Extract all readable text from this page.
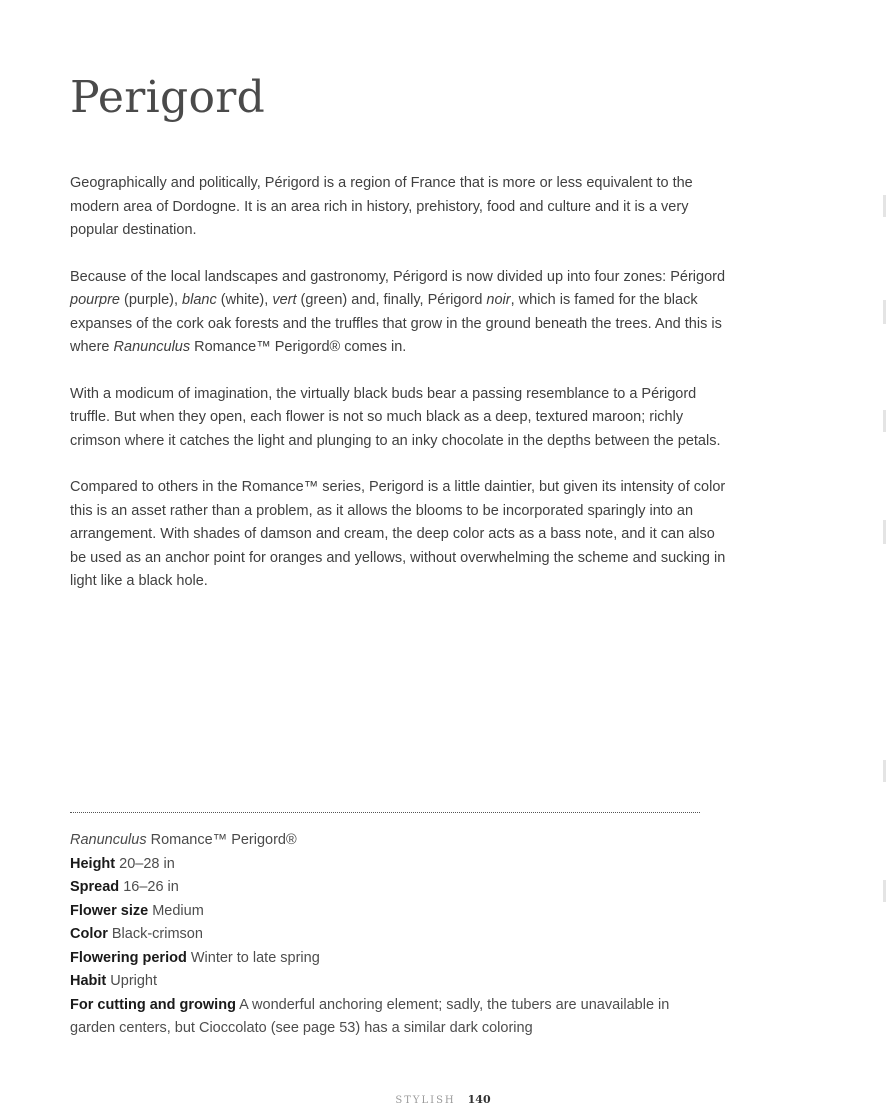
Perigord

Geographically and politically, Périgord is a region of France that is more or less equivalent to the modern area of Dordogne. It is an area rich in history, prehistory, food and culture and it is a very popular destination.

Because of the local landscapes and gastronomy, Périgord is now divided up into four zones: Périgord pourpre (purple), blanc (white), vert (green) and, finally, Périgord noir, which is famed for the black expanses of the cork oak forests and the truffles that grow in the ground beneath the trees. And this is where Ranunculus Romance™ Perigord® comes in.

With a modicum of imagination, the virtually black buds bear a passing resemblance to a Périgord truffle. But when they open, each flower is not so much black as a deep, textured maroon; richly crimson where it catches the light and plunging to an inky chocolate in the depths between the petals.

Compared to others in the Romance™ series, Perigord is a little daintier, but given its intensity of color this is an asset rather than a problem, as it allows the blooms to be incorporated sparingly into an arrangement. With shades of damson and cream, the deep color acts as a bass note, and it can also be used as an anchor point for oranges and yellows, without overwhelming the scheme and sucking in light like a black hole.

Ranunculus Romance™ Perigord®
Height 20–28 in
Spread 16–26 in
Flower size Medium
Color Black-crimson
Flowering period Winter to late spring
Habit Upright
For cutting and growing A wonderful anchoring element; sadly, the tubers are unavailable in garden centers, but Cioccolato (see page 53) has a similar dark coloring
STYLISH 140
